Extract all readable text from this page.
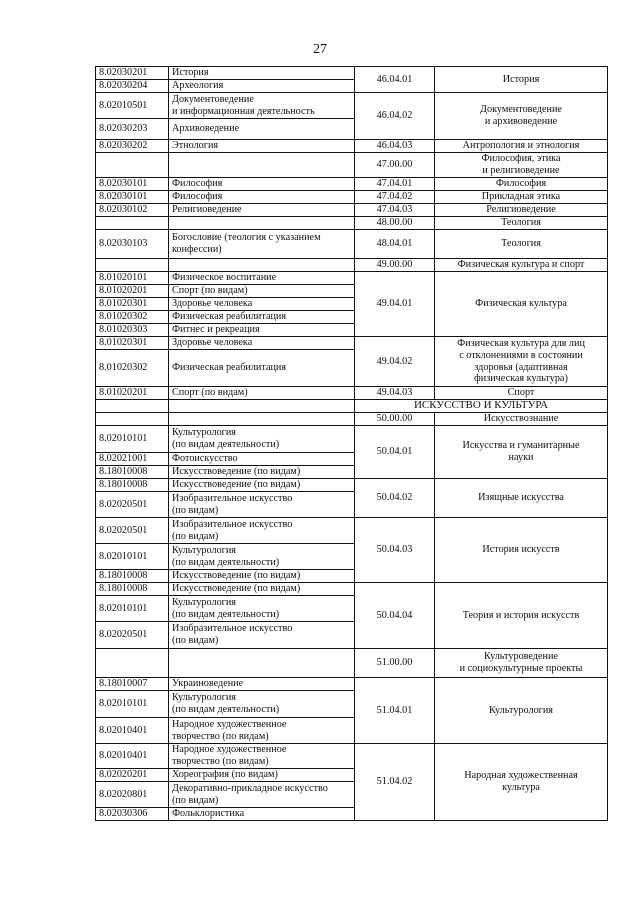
27
8.02030201	История	46.04.01	История
8.02030204	Археология		
8.02010501	Документоведение
и информационная деятельность	46.04.02	Документоведение
и архивоведение
8.02030203	Архивоведение		
8.02030202	Этнология	46.04.03	Антропология и этнология
		47.00.00	Философия, этика
и религиоведение
8.02030101	Философия	47.04.01	Философия
8.02030101	Философия	47.04.02	Прикладная этика
8.02030102	Религиоведение	47.04.03	Религиоведение
		48.00.00	Теология
8.02030103	Богословие (теология с указанием
конфессии)	48.04.01	Теология
		49.00.00	Физическая культура и спорт
8.01020101	Физическое воспитание	49.04.01	Физическая культура
8.01020201	Спорт (по видам)		
8.01020301	Здоровье человека		
8.01020302	Физическая реабилитация		
8.01020303	Фитнес и рекреация		
8.01020301	Здоровье человека	49.04.02	Физическая культура для лиц
с отклонениями в состоянии
здоровья (адаптивная
физическая культура)
8.01020302	Физическая реабилитация		
8.01020201	Спорт (по видам)	49.04.03	Спорт
		ИСКУССТВО И КУЛЬТУРА	
		50.00.00	Искусствознание
8.02010101	Культурология
(по видам деятельности)	50.04.01	Искусства и гуманитарные
науки
8.02021001	Фотоискусство		
8.18010008	Искусствоведение (по видам)		
8.18010008	Искусствоведение (по видам)	50.04.02	Изящные искусства
8.02020501	Изобразительное искусство
(по видам)		
8.02020501	Изобразительное искусство
(по видам)	50.04.03	История искусств
8.02010101	Культурология
(по видам деятельности)		
8.18010008	Искусствоведение (по видам)		
8.18010008	Искусствоведение (по видам)	50.04.04	Теория и история искусств
8.02010101	Культурология
(по видам деятельности)		
8.02020501	Изобразительное искусство
(по видам)		
		51.00.00	Культуроведение
и социокультурные проекты
8.18010007	Украиноведение	51.04.01	Культурология
8.02010101	Культурология
(по видам деятельности)		
8.02010401	Народное художественное
творчество (по видам)		
8.02010401	Народное художественное
творчество (по видам)	51.04.02	Народная художественная
культура
8.02020201	Хореография (по видам)		
8.02020801	Декоративно-прикладное искусство
(по видам)		
8.02030306	Фольклористика		
